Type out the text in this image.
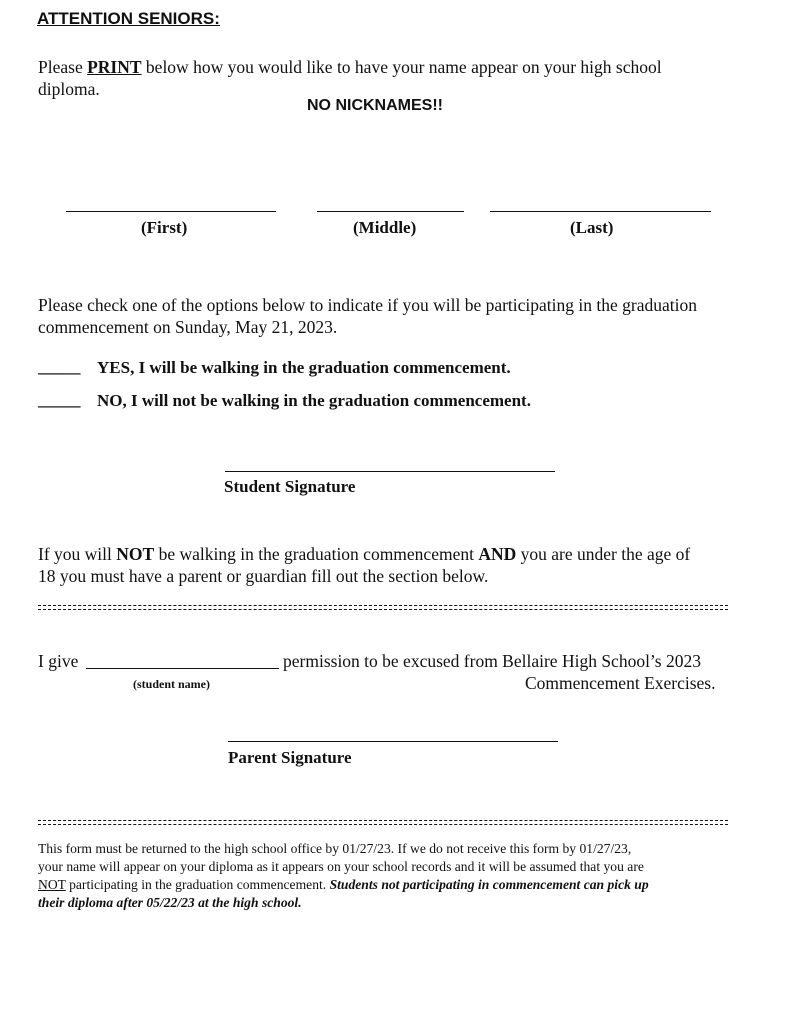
ATTENTION SENIORS:
Please PRINT below how you would like to have your name appear on your high school
diploma.
NO NICKNAMES!!
(First)	(Middle)	(Last)
Please check one of the options below to indicate if you will be participating in the graduation
commencement on Sunday, May 21, 2023.
_____ YES, I will be walking in the graduation commencement.
_____ NO, I will not be walking in the graduation commencement.
Student Signature
If you will NOT be walking in the graduation commencement AND you are under the age of
18 you must have a parent or guardian fill out the section below.
I give	permission to be excused from Bellaire High School’s 2023
(student name)	Commencement Exercises.
Parent Signature
This form must be returned to the high school office by 01/27/23. If we do not receive this form by 01/27/23,
your name will appear on your diploma as it appears on your school records and it will be assumed that you are
NOT participating in the graduation commencement. Students not participating in commencement can pick up
their diploma after 05/22/23 at the high school.
